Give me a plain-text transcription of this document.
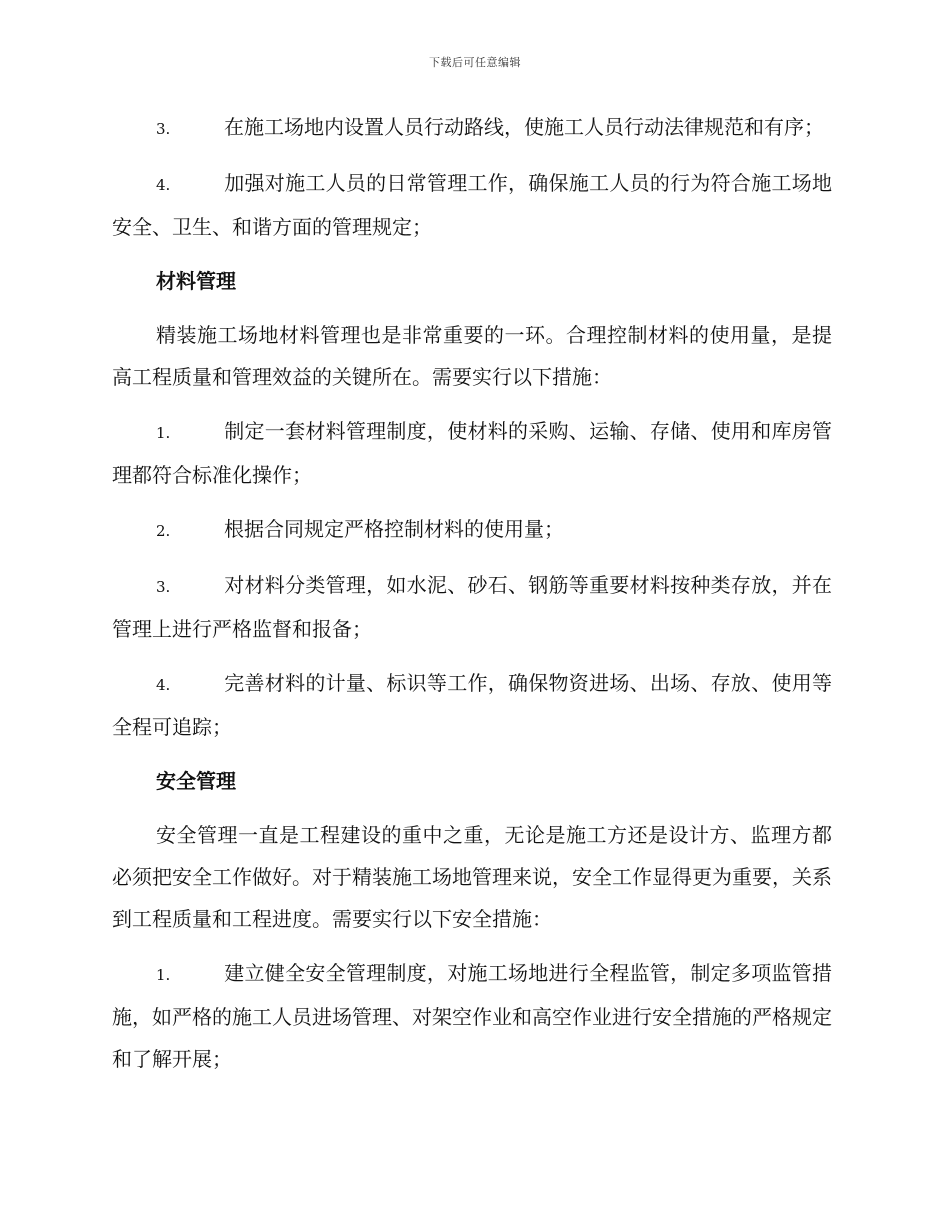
下载后可任意编辑

3.	在施工场地内设置人员行动路线，使施工人员行动法律规范和有序；

4.	加强对施工人员的日常管理工作，确保施工人员的行为符合施工场地安全、卫生、和谐方面的管理规定；

材料管理

精装施工场地材料管理也是非常重要的一环。合理控制材料的使用量，是提高工程质量和管理效益的关键所在。需要实行以下措施：

1.	制定一套材料管理制度，使材料的采购、运输、存储、使用和库房管理都符合标准化操作；

2.	根据合同规定严格控制材料的使用量；

3.	对材料分类管理，如水泥、砂石、钢筋等重要材料按种类存放，并在管理上进行严格监督和报备；

4.	完善材料的计量、标识等工作，确保物资进场、出场、存放、使用等全程可追踪；

安全管理

安全管理一直是工程建设的重中之重，无论是施工方还是设计方、监理方都必须把安全工作做好。对于精装施工场地管理来说，安全工作显得更为重要，关系到工程质量和工程进度。需要实行以下安全措施：

1.	建立健全安全管理制度，对施工场地进行全程监管，制定多项监管措施，如严格的施工人员进场管理、对架空作业和高空作业进行安全措施的严格规定和了解开展；
